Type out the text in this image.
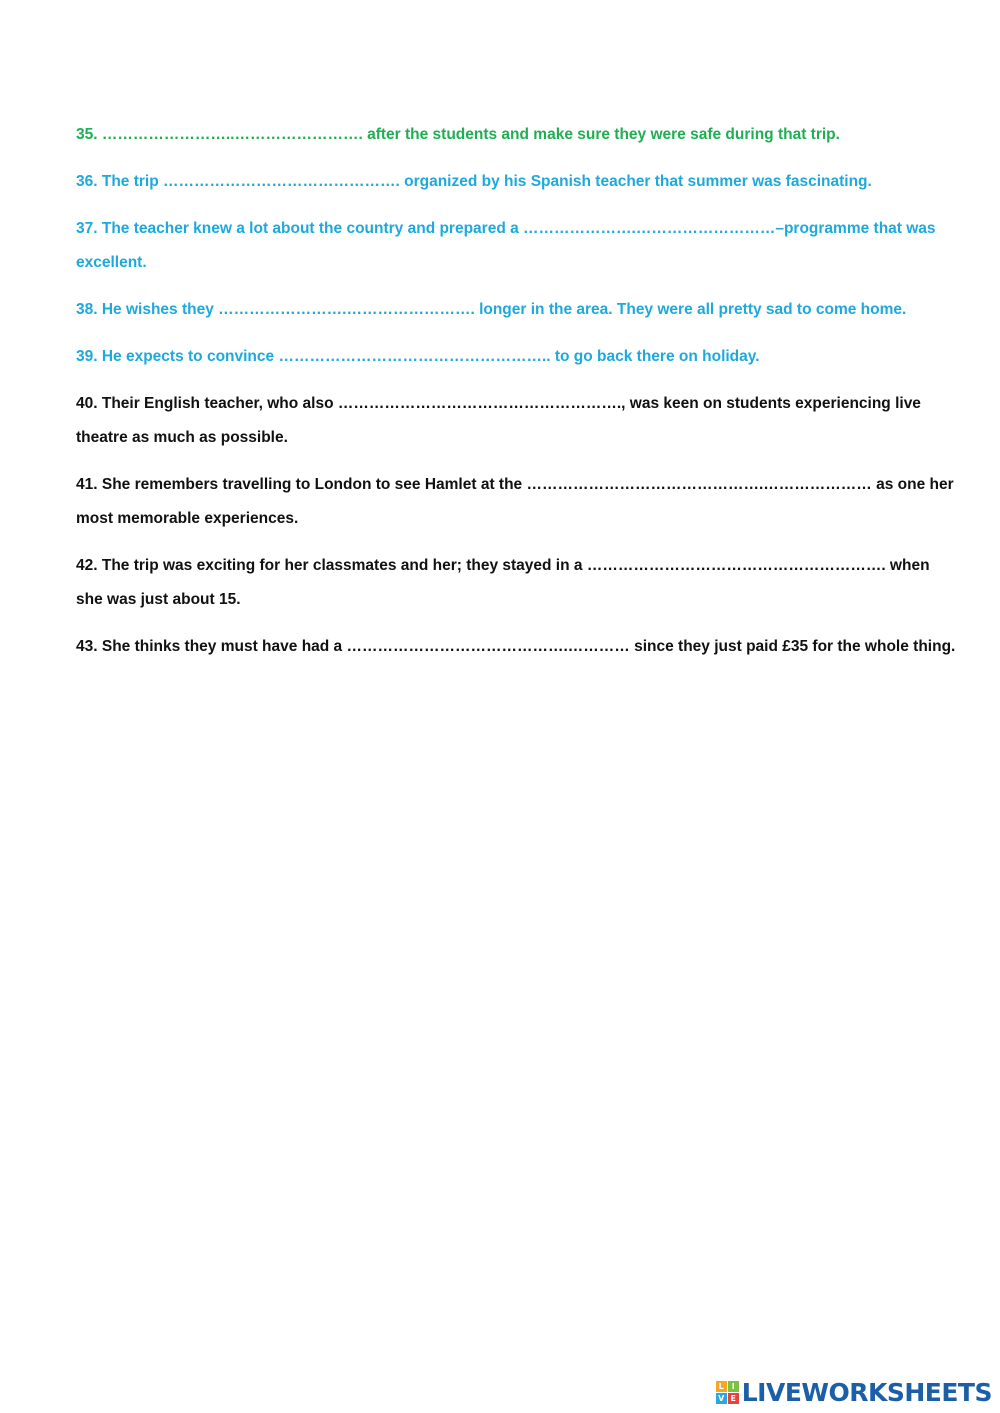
35. ……………………..……………………. after the students and make sure they were safe during that trip.

36. The trip ………………………………………. organized by his Spanish teacher that summer was fascinating.

37. The teacher knew a lot about the country and prepared a ………………….………………………–programme that was excellent.

38. He wishes they …………………….……………………. longer in the area. They were all pretty sad to come home.

39. He expects to convince …………………………………………….. to go back there on holiday.

40. Their English teacher, who also ………………………………………………., was keen on students experiencing live theatre as much as possible.

41. She remembers travelling to London to see Hamlet at the ……………………………………….………………… as one her most memorable experiences.

42. The trip was exciting for her classmates and her; they stayed in a …………………………………………………. when she was just about 15.

43. She thinks they must have had a …………………………………….………… since they just paid £35 for the whole thing.

L I
V E LIVEWORKSHEETS
